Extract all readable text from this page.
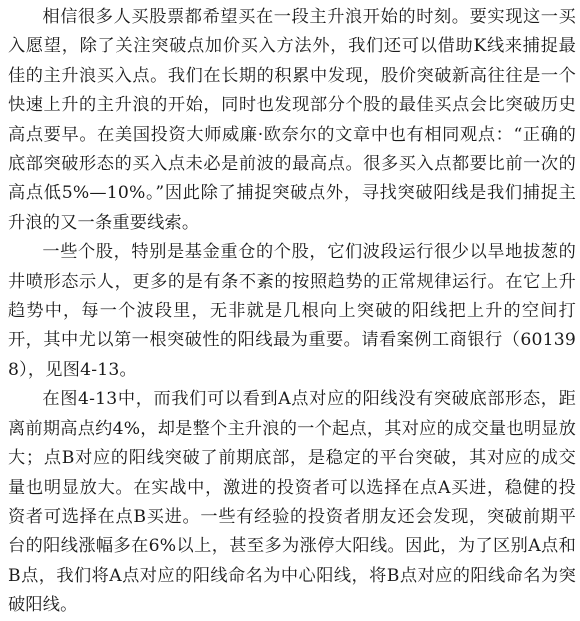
相信很多人买股票都希望买在一段主升浪开始的时刻。要实现这一买入愿望，除了关注突破点加价买入方法外，我们还可以借助K线来捕捉最佳的主升浪买入点。我们在长期的积累中发现，股价突破新高往往是一个快速上升的主升浪的开始，同时也发现部分个股的最佳买点会比突破历史高点要早。在美国投资大师威廉·欧奈尔的文章中也有相同观点：“正确的底部突破形态的买入点未必是前波的最高点。很多买入点都要比前一次的高点低5%—10%。”因此除了捕捉突破点外，寻找突破阳线是我们捕捉主升浪的又一条重要线索。

一些个股，特别是基金重仓的个股，它们波段运行很少以旱地拔葱的井喷形态示人，更多的是有条不紊的按照趋势的正常规律运行。在它上升趋势中，每一个波段里，无非就是几根向上突破的阳线把上升的空间打开，其中尤以第一根突破性的阳线最为重要。请看案例工商银行（601398），见图4-13。

在图4-13中，而我们可以看到A点对应的阳线没有突破底部形态，距离前期高点约4%，却是整个主升浪的一个起点，其对应的成交量也明显放大；点B对应的阳线突破了前期底部，是稳定的平台突破，其对应的成交量也明显放大。在实战中，激进的投资者可以选择在点A买进，稳健的投资者可选择在点B买进。一些有经验的投资者朋友还会发现，突破前期平台的阳线涨幅多在6%以上，甚至多为涨停大阳线。因此，为了区别A点和B点，我们将A点对应的阳线命名为中心阳线，将B点对应的阳线命名为突破阳线。
